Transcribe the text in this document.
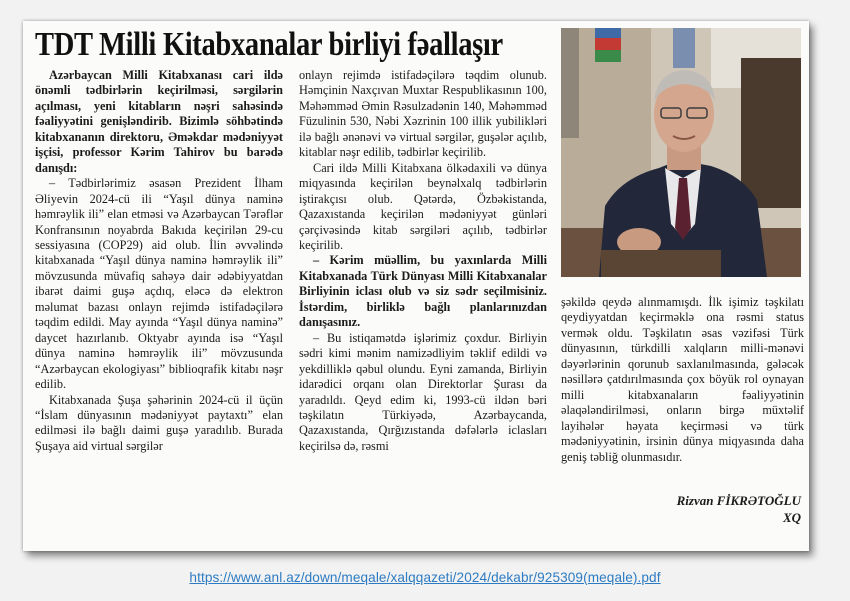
TDT Milli Kitabxanalar birliyi fəallaşır

Azərbaycan Milli Kitabxanası cari ildə önəmli tədbirlərin keçirilməsi, sərgilərin açılması, yeni kitabların nəşri sahəsində fəaliyyətini genişləndirib. Bizimlə söhbətində kitabxananın direktoru, Əməkdar mədəniyyət işçisi, professor Kərim Tahirov bu barədə danışdı:

– Tədbirlərimiz əsasən Prezident İlham Əliyevin 2024-cü ili “Yaşıl dünya naminə həmrəylik ili” elan etməsi və Azərbaycan Tərəflər Konfransının noyabrda Bakıda keçirilən 29-cu sessiyasına (COP29) aid olub. İlin əvvəlində kitabxanada “Yaşıl dünya naminə həmrəylik ili” mövzusunda müvafiq sahəyə dair ədəbiyyatdan ibarət daimi guşə açdıq, eləcə də elektron məlumat bazası onlayn rejimdə istifadəçilərə təqdim edildi. May ayında “Yaşıl dünya naminə” daycet hazırlanıb. Oktyabr ayında isə “Yaşıl dünya naminə həmrəylik ili” mövzusunda “Azərbaycan ekologiyası” biblioqrafik kitabı nəşr edilib.

Kitabxanada Şuşa şəhərinin 2024-cü il üçün “İslam dünyasının mədəniyyət paytaxtı” elan edilməsi ilə bağlı daimi guşə yaradılıb. Burada Şuşaya aid virtual sərgilər

onlayn rejimdə istifadəçilərə təqdim olunub. Həmçinin Naxçıvan Muxtar Respublikasının 100, Məhəmməd Əmin Rəsulzadənin 140, Məhəmməd Füzulinin 530, Nəbi Xəzrinin 100 illik yubilikləri ilə bağlı ənənəvi və virtual sərgilər, guşələr açılıb, kitablar nəşr edilib, tədbirlər keçirilib.

Cari ildə Milli Kitabxana ölkədaxili və dünya miqyasında keçirilən beynəlxalq tədbirlərin iştirakçısı olub. Qətərdə, Özbəkistanda, Qazaxıstanda keçirilən mədəniyyət günləri çərçivəsində kitab sərgiləri açılıb, tədbirlər keçirilib.

– Kərim müəllim, bu yaxınlarda Milli Kitabxanada Türk Dünyası Milli Kitabxanalar Birliyinin iclası olub və siz sədr seçilmisiniz. İstərdim, birliklə bağlı planlarınızdan danışasınız.

– Bu istiqamətdə işlərimiz çoxdur. Birliyin sədri kimi mənim namizədliyim təklif edildi və yekdilliklə qəbul olundu. Eyni zamanda, Birliyin idarədici orqanı olan Direktorlar Şurası da yaradıldı. Qeyd edim ki, 1993-cü ildən bəri təşkilatın Türkiyədə, Azərbaycanda, Qazaxıstanda, Qırğızıstanda dəfələrlə iclasları keçirilsə də, rəsmi

şəkildə qeydə alınmamışdı. İlk işimiz təşkilatı qeydiyyatdan keçirməklə ona rəsmi status vermək oldu. Təşkilatın əsas vəzifəsi Türk dünyasının, türkdilli xalqların milli-mənəvi dəyərlərinin qorunub saxlanılmasında, gələcək nəsillərə çatdırılmasında çox böyük rol oynayan milli kitabxanaların fəaliyyətinin əlaqələndirilməsi, onların birgə müxtəlif layihələr həyata keçirməsi və türk mədəniyyətinin, irsinin dünya miqyasında daha geniş təbliğ olunmasıdır.

Rizvan FİKRƏTOĞLU
XQ
https://www.anl.az/down/meqale/xalqqazeti/2024/dekabr/925309(meqale).pdf
